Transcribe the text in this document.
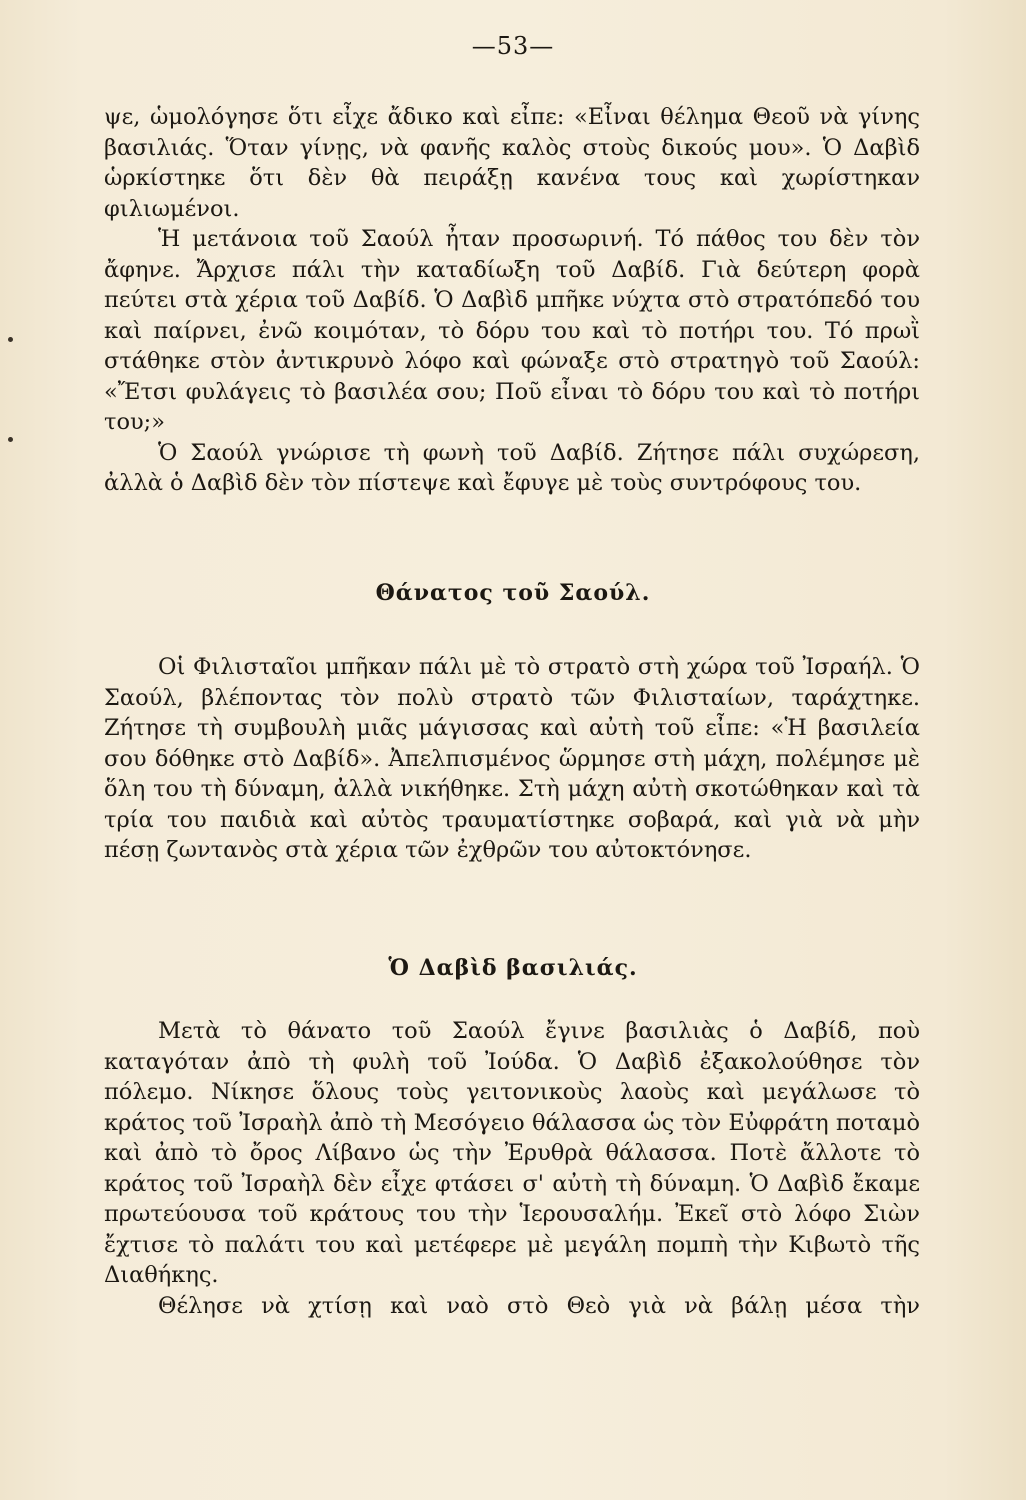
—53—

ψε, ὡμολόγησε ὅτι εἶχε ἄδικο καὶ εἶπε: «Εἶναι θέλημα Θεοῦ νὰ γίνης βασιλιάς. Ὅταν γίνῃς, νὰ φανῆς καλὸς στοὺς δικούς μου». Ὁ Δαβὶδ ὡρκίστηκε ὅτι δὲν θὰ πειράξῃ κανένα τους καὶ χωρίστηκαν φιλιωμένοι.

Ἡ μετάνοια τοῦ Σαούλ ἦταν προσωρινή. Τό πάθος του δὲν τὸν ἄφηνε. Ἄρχισε πάλι τὴν καταδίωξη τοῦ Δαβίδ. Γιὰ δεύτερη φορὰ πεύτει στὰ χέρια τοῦ Δαβίδ. Ὁ Δαβὶδ μπῆκε νύχτα στὸ στρατόπεδό του καὶ παίρνει, ἐνῶ κοιμόταν, τὸ δόρυ του καὶ τὸ ποτήρι του. Τό πρωῒ στάθηκε στὸν ἀντικρυνὸ λόφο καὶ φώναξε στὸ στρατηγὸ τοῦ Σαούλ: «Ἔτσι φυλάγεις τὸ βασιλέα σου; Ποῦ εἶναι τὸ δόρυ του καὶ τὸ ποτήρι του;»

Ὁ Σαούλ γνώρισε τὴ φωνὴ τοῦ Δαβίδ. Ζήτησε πάλι συχώρεση, ἀλλὰ ὁ Δαβὶδ δὲν τὸν πίστεψε καὶ ἔφυγε μὲ τοὺς συντρόφους του.

Θάνατος τοῦ Σαούλ.

Οἱ Φιλισταῖοι μπῆκαν πάλι μὲ τὸ στρατὸ στὴ χώρα τοῦ Ἰσραήλ. Ὁ Σαούλ, βλέποντας τὸν πολὺ στρατὸ τῶν Φιλισταίων, ταράχτηκε. Ζήτησε τὴ συμβουλὴ μιᾶς μάγισσας καὶ αὐτὴ τοῦ εἶπε: «Ἡ βασιλεία σου δόθηκε στὸ Δαβίδ». Ἀπελπισμένος ὥρμησε στὴ μάχη, πολέμησε μὲ ὅλη του τὴ δύναμη, ἀλλὰ νικήθηκε. Στὴ μάχη αὐτὴ σκοτώθηκαν καὶ τὰ τρία του παιδιὰ καὶ αὐτὸς τραυματίστηκε σοβαρά, καὶ γιὰ νὰ μὴν πέσῃ ζωντανὸς στὰ χέρια τῶν ἐχθρῶν του αὐτοκτόνησε.

Ὁ Δαβὶδ βασιλιάς.

Μετὰ τὸ θάνατο τοῦ Σαούλ ἔγινε βασιλιὰς ὁ Δαβίδ, ποὺ καταγόταν ἀπὸ τὴ φυλὴ τοῦ Ἰούδα. Ὁ Δαβὶδ ἐξακολούθησε τὸν πόλεμο. Νίκησε ὅλους τοὺς γειτονικοὺς λαοὺς καὶ μεγάλωσε τὸ κράτος τοῦ Ἰσραὴλ ἀπὸ τὴ Μεσόγειο θάλασσα ὡς τὸν Εὐφράτη ποταμὸ καὶ ἀπὸ τὸ ὄρος Λίβανο ὡς τὴν Ἐρυθρὰ θάλασσα. Ποτὲ ἄλλοτε τὸ κράτος τοῦ Ἰσραὴλ δὲν εἶχε φτάσει σ' αὐτὴ τὴ δύναμη. Ὁ Δαβὶδ ἔκαμε πρωτεύουσα τοῦ κράτους του τὴν Ἱερουσαλήμ. Ἐκεῖ στὸ λόφο Σιὼν ἔχτισε τὸ παλάτι του καὶ μετέφερε μὲ μεγάλη πομπὴ τὴν Κιβωτὸ τῆς Διαθήκης.

Θέλησε νὰ χτίσῃ καὶ ναὸ στὸ Θεὸ γιὰ νὰ βάλῃ μέσα τὴν
